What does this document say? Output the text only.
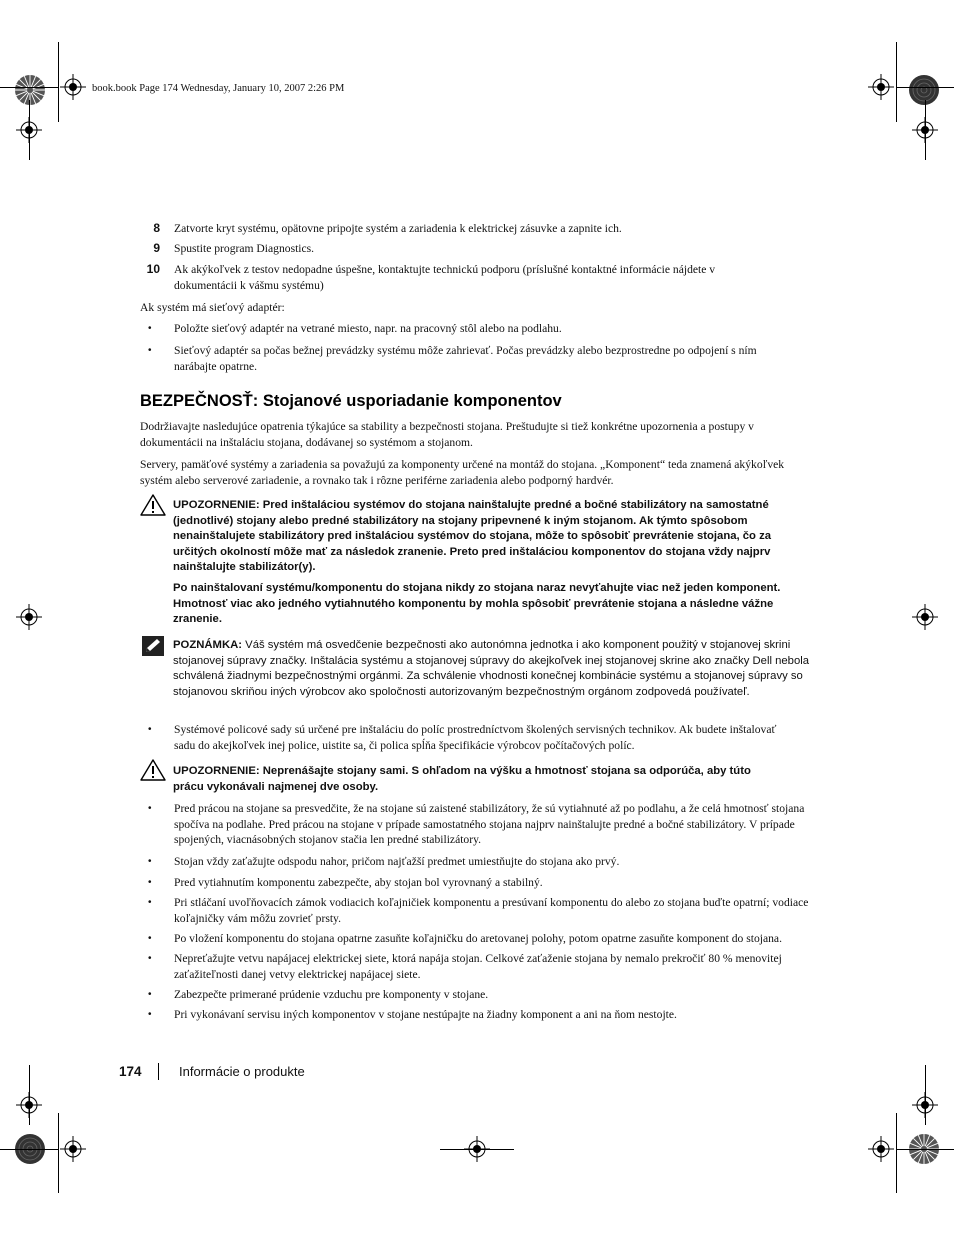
book.book Page 174 Wednesday, January 10, 2007 2:26 PM
8 Zatvorte kryt systému, opätovne pripojte systém a zariadenia k elektrickej zásuvke a zapnite ich.
9 Spustite program Diagnostics.
10 Ak akýkoľvek z testov nedopadne úspešne, kontaktujte technickú podporu (príslušné kontaktné informácie nájdete v dokumentácii k vášmu systému)
Ak systém má sieťový adaptér:
• Položte sieťový adaptér na vetrané miesto, napr. na pracovný stôl alebo na podlahu.
• Sieťový adaptér sa počas bežnej prevádzky systému môže zahrievať. Počas prevádzky alebo bezprostredne po odpojení s ním narábajte opatrne.
BEZPEČNOSŤ: Stojanové usporiadanie komponentov
Dodržiavajte nasledujúce opatrenia týkajúce sa stability a bezpečnosti stojana. Preštudujte si tiež konkrétne upozornenia a postupy v dokumentácii na inštaláciu stojana, dodávanej so systémom a stojanom.
Servery, pamäťové systémy a zariadenia sa považujú za komponenty určené na montáž do stojana. „Komponent“ teda znamená akýkoľvek systém alebo serverové zariadenie, a rovnako tak i rôzne periférne zariadenia alebo podporný hardvér.
UPOZORNENIE: Pred inštaláciou systémov do stojana nainštalujte predné a bočné stabilizátory na samostatné (jednotlivé) stojany alebo predné stabilizátory na stojany pripevnené k iným stojanom. Ak týmto spôsobom nenainštalujete stabilizátory pred inštaláciou systémov do stojana, môže to spôsobiť prevrátenie stojana, čo za určitých okolností môže mať za následok zranenie. Preto pred inštaláciou komponentov do stojana vždy najprv nainštalujte stabilizátor(y).
Po nainštalovaní systému/komponentu do stojana nikdy zo stojana naraz nevyťahujte viac než jeden komponent. Hmotnosť viac ako jedného vytiahnutého komponentu by mohla spôsobiť prevrátenie stojana a následne vážne zranenie.
POZNÁMKA: Váš systém má osvedčenie bezpečnosti ako autonómna jednotka i ako komponent použitý v stojanovej skrini stojanovej súpravy značky. Inštalácia systému a stojanovej súpravy do akejkoľvek inej stojanovej skrine ako značky Dell nebola schválená žiadnymi bezpečnostnými orgánmi. Za schválenie vhodnosti konečnej kombinácie systému a stojanovej súpravy so stojanovou skriňou iných výrobcov ako spoločnosti autorizovaným bezpečnostným orgánom zodpovedá používateľ.
• Systémové policové sady sú určené pre inštaláciu do políc prostredníctvom školených servisných technikov. Ak budete inštalovať sadu do akejkoľvek inej police, uistite sa, či polica spĺňa špecifikácie výrobcov počítačových políc.
UPOZORNENIE: Neprenášajte stojany sami. S ohľadom na výšku a hmotnosť stojana sa odporúča, aby túto prácu vykonávali najmenej dve osoby.
• Pred prácou na stojane sa presvedčite, že na stojane sú zaistené stabilizátory, že sú vytiahnuté až po podlahu, a že celá hmotnosť stojana spočíva na podlahe. Pred prácou na stojane v prípade samostatného stojana najprv nainštalujte predné a bočné stabilizátory. V prípade spojených, viacnásobných stojanov stačia len predné stabilizátory.
• Stojan vždy zaťažujte odspodu nahor, pričom najťažší predmet umiestňujte do stojana ako prvý.
• Pred vytiahnutím komponentu zabezpečte, aby stojan bol vyrovnaný a stabilný.
• Pri stláčaní uvoľňovacích zámok vodiacich koľajničiek komponentu a presúvaní komponentu do alebo zo stojana buďte opatrní; vodiace koľajničky vám môžu zovrieť prsty.
• Po vložení komponentu do stojana opatrne zasuňte koľajničku do aretovanej polohy, potom opatrne zasuňte komponent do stojana.
• Nepreťažujte vetvu napájacej elektrickej siete, ktorá napája stojan. Celkové zaťaženie stojana by nemalo prekročiť 80 % menovitej zaťažiteľnosti danej vetvy elektrickej napájacej siete.
• Zabezpečte primerané prúdenie vzduchu pre komponenty v stojane.
• Pri vykonávaní servisu iných komponentov v stojane nestúpajte na žiadny komponent a ani na ňom nestojte.
174	Informácie o produkte
